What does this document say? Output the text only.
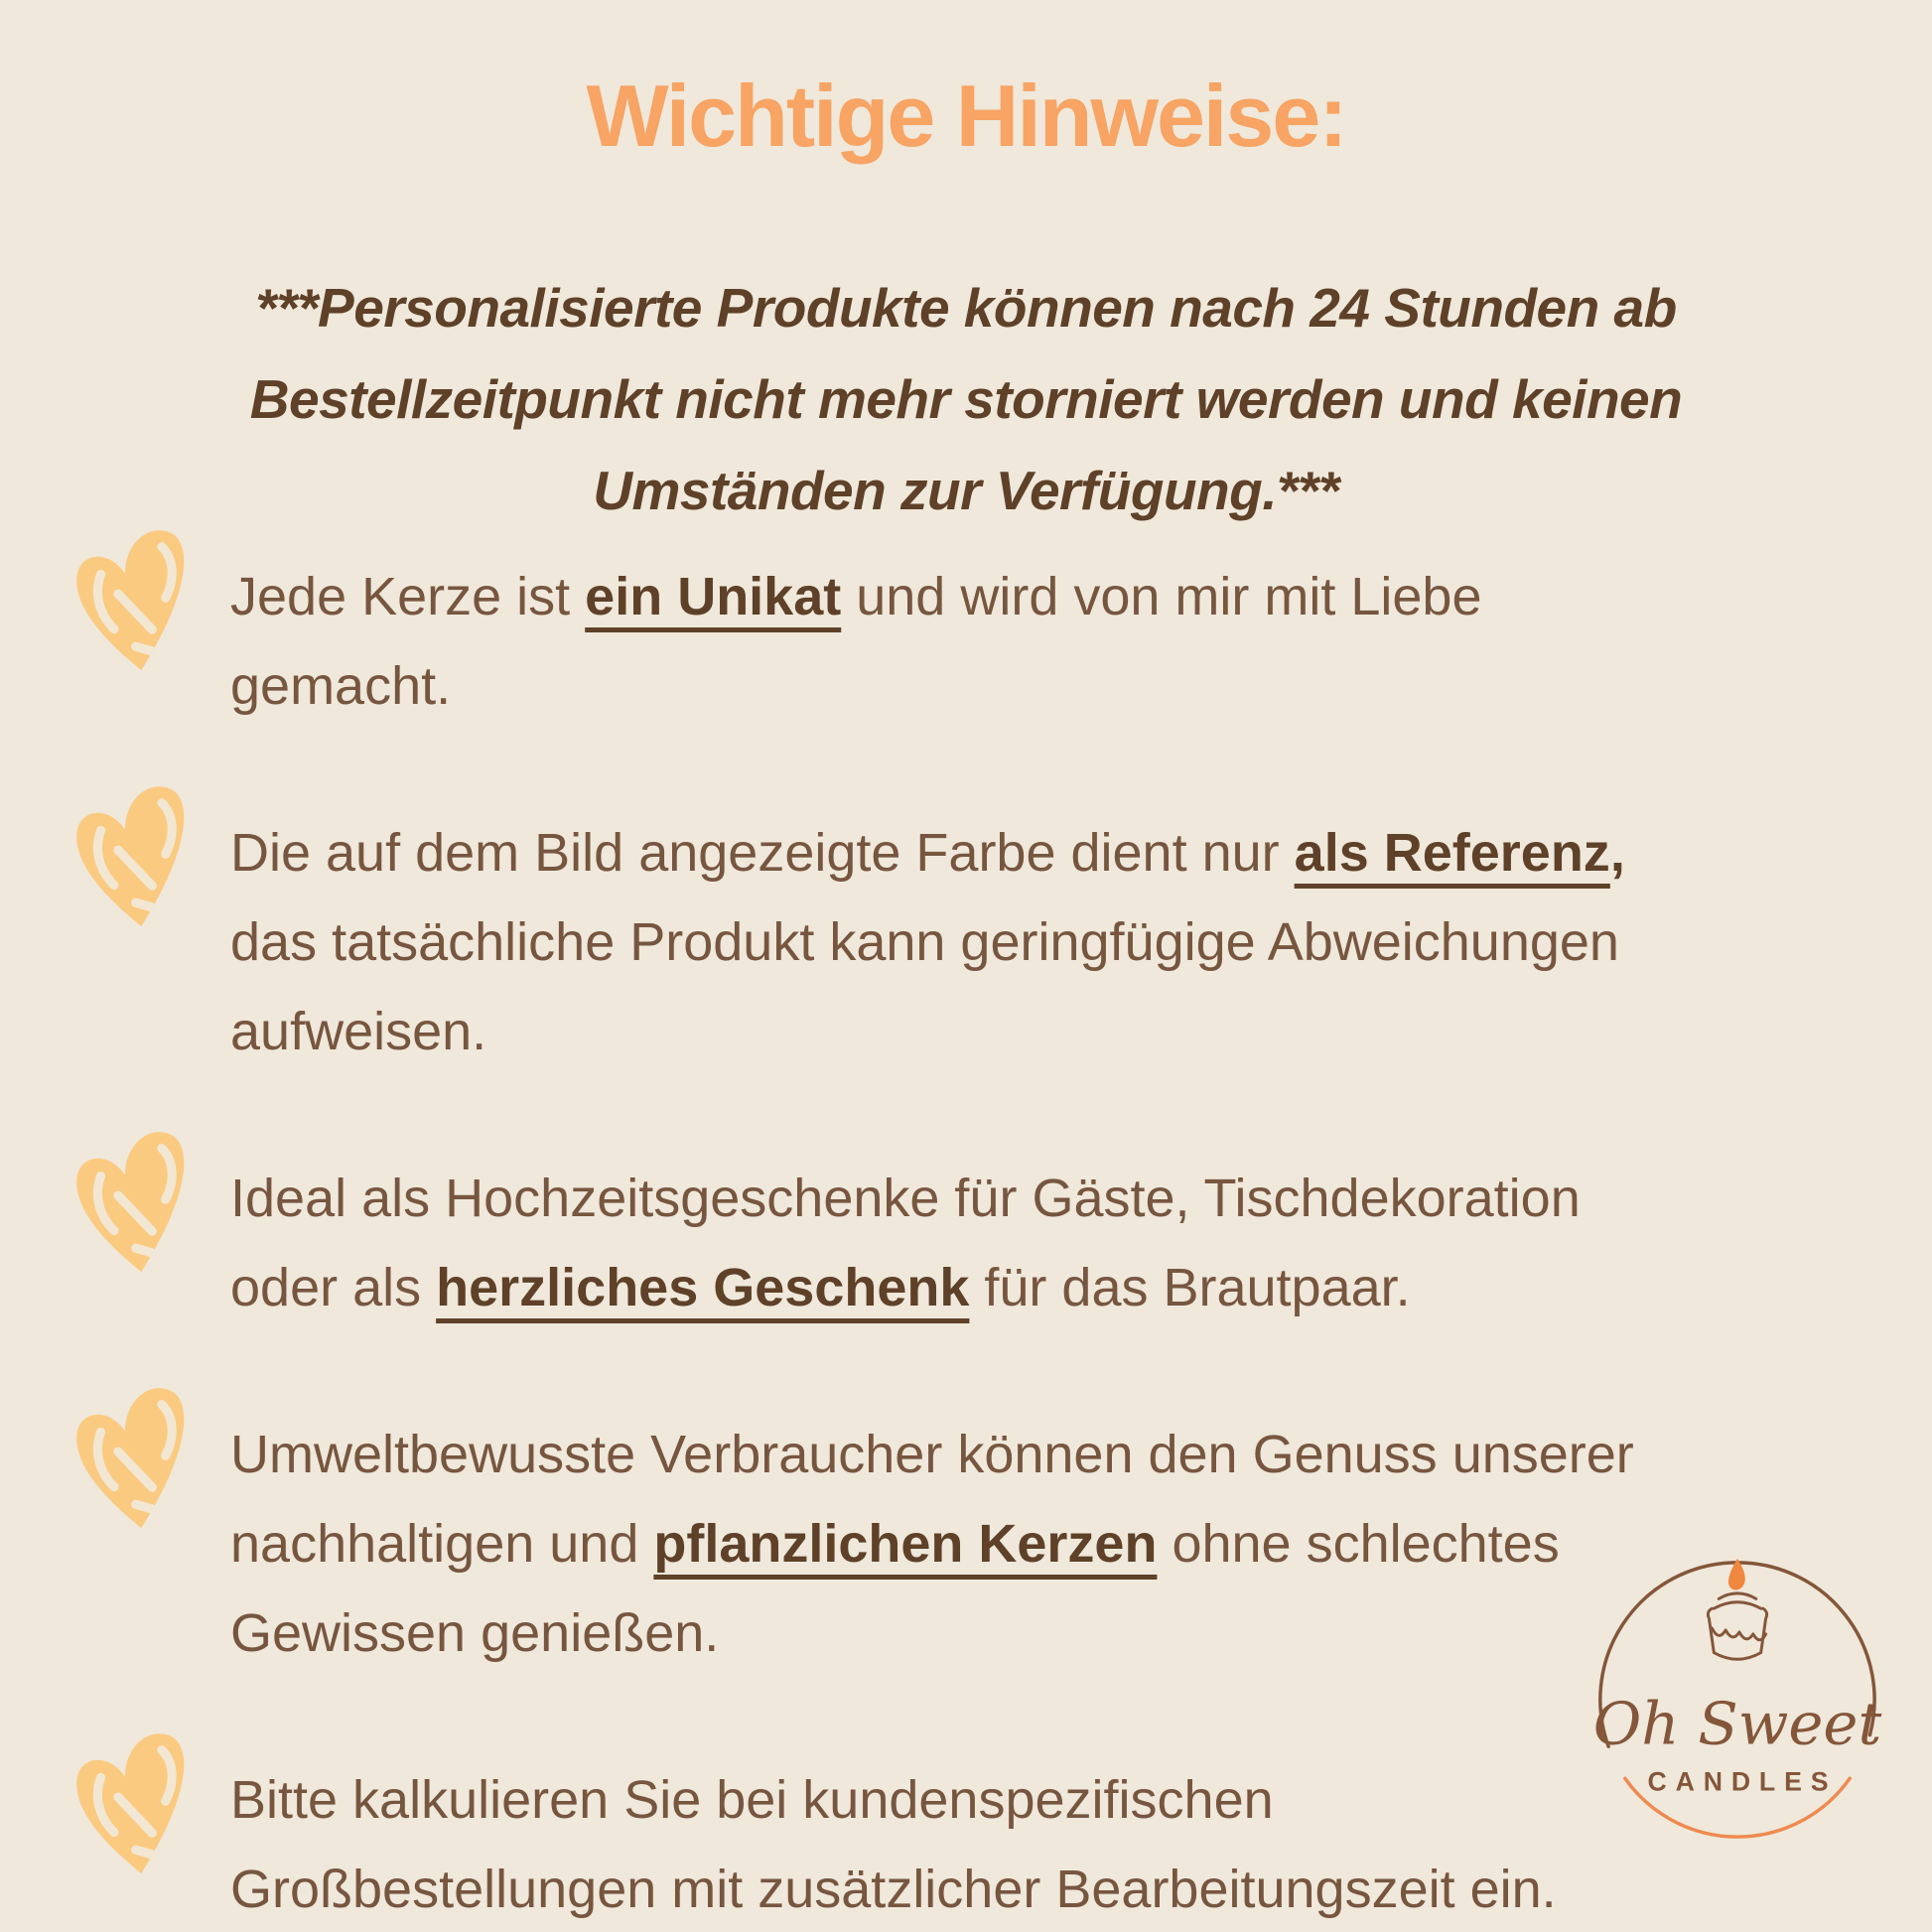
Wichtige Hinweise:
***Personalisierte Produkte können nach 24 Stunden ab
Bestellzeitpunkt nicht mehr storniert werden und keinen
Umständen zur Verfügung.***
Jede Kerze ist ein Unikat und wird von mir mit Liebe
gemacht.
Die auf dem Bild angezeigte Farbe dient nur als Referenz,
das tatsächliche Produkt kann geringfügige Abweichungen
aufweisen.
Ideal als Hochzeitsgeschenke für Gäste, Tischdekoration
oder als herzliches Geschenk für das Brautpaar.
Umweltbewusste Verbraucher können den Genuss unserer
nachhaltigen und pflanzlichen Kerzen ohne schlechtes
Gewissen genießen.
Bitte kalkulieren Sie bei kundenspezifischen
Großbestellungen mit zusätzlicher Bearbeitungszeit ein.
Oh Sweet
CANDLES
